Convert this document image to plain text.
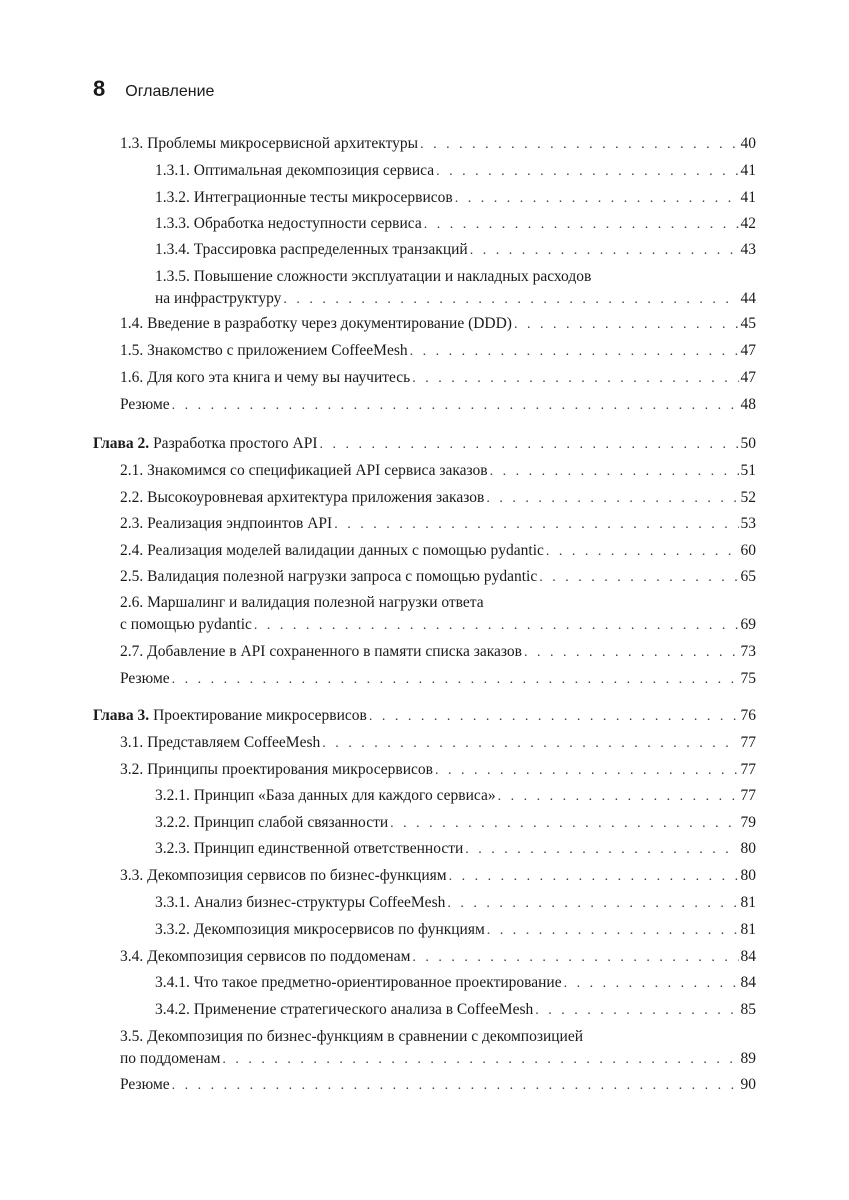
8 Оглавление
1.3. Проблемы микросервисной архитектуры . . .	40
1.3.1. Оптимальная декомпозиция сервиса . . .	41
1.3.2. Интеграционные тесты микросервисов . . .	41
1.3.3. Обработка недоступности сервиса . . .	42
1.3.4. Трассировка распределенных транзакций . . .	43
1.3.5. Повышение сложности эксплуатации и накладных расходов
на инфраструктуру . . .	44
1.4. Введение в разработку через документирование (DDD) . . .	45
1.5. Знакомство с приложением CoffeeMesh . . .	47
1.6. Для кого эта книга и чему вы научитесь . . .	47
Резюме . . .	48
Глава 2. Разработка простого API . . .	50
2.1. Знакомимся со спецификацией API сервиса заказов . . .	51
2.2. Высокоуровневая архитектура приложения заказов . . .	52
2.3. Реализация эндпоинтов API . . .	53
2.4. Реализация моделей валидации данных с помощью pydantic . . .	60
2.5. Валидация полезной нагрузки запроса с помощью pydantic . . .	65
2.6. Маршалинг и валидация полезной нагрузки ответа
с помощью pydantic . . .	69
2.7. Добавление в API сохраненного в памяти списка заказов . . .	73
Резюме . . .	75
Глава 3. Проектирование микросервисов . . .	76
3.1. Представляем CoffeeMesh . . .	77
3.2. Принципы проектирования микросервисов . . .	77
3.2.1. Принцип «База данных для каждого сервиса» . . .	77
3.2.2. Принцип слабой связанности . . .	79
3.2.3. Принцип единственной ответственности . . .	80
3.3. Декомпозиция сервисов по бизнес-функциям . . .	80
3.3.1. Анализ бизнес-структуры CoffeeMesh . . .	81
3.3.2. Декомпозиция микросервисов по функциям . . .	81
3.4. Декомпозиция сервисов по поддоменам . . .	84
3.4.1. Что такое предметно-ориентированное проектирование . . .	84
3.4.2. Применение стратегического анализа в CoffeeMesh . . .	85
3.5. Декомпозиция по бизнес-функциям в сравнении с декомпозицией
по поддоменам . . .	89
Резюме . . .	90
